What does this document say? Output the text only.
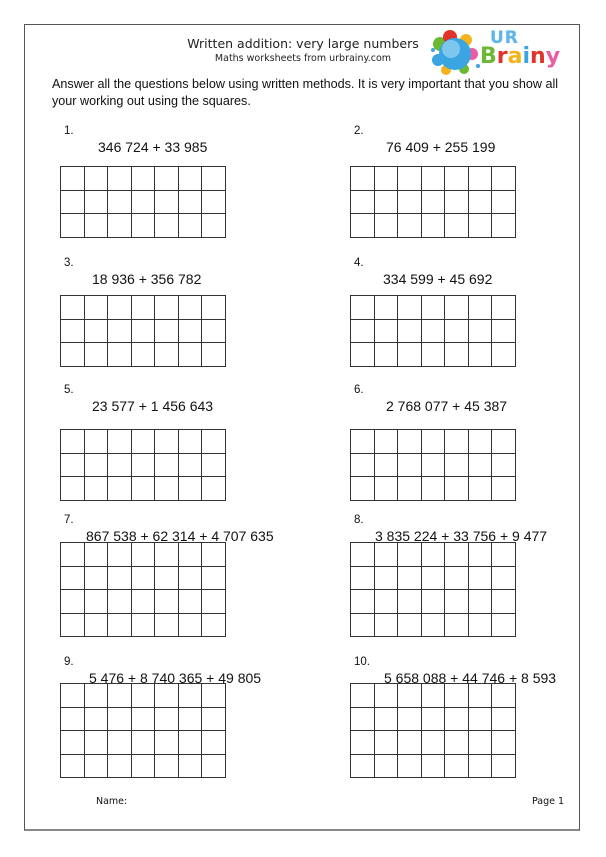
Written addition: very large numbers
Maths worksheets from urbrainy.com
UR
Brainy
Answer all the questions below using written methods. It is very important that you show all your working out using the squares.
1.
346 724 + 33 985

2.
76 409 + 255 199

3.
18 936 + 356 782

4.
334 599 + 45 692

5.
23 577 + 1 456 643

6.
2 768 077 + 45 387

7.
867 538 + 62 314 + 4 707 635

8.
3 835 224 + 33 756 + 9 477

9.
5 476 + 8 740 365 + 49 805

10.
5 658 088 + 44 746 + 8 593

Name:	Page 1
